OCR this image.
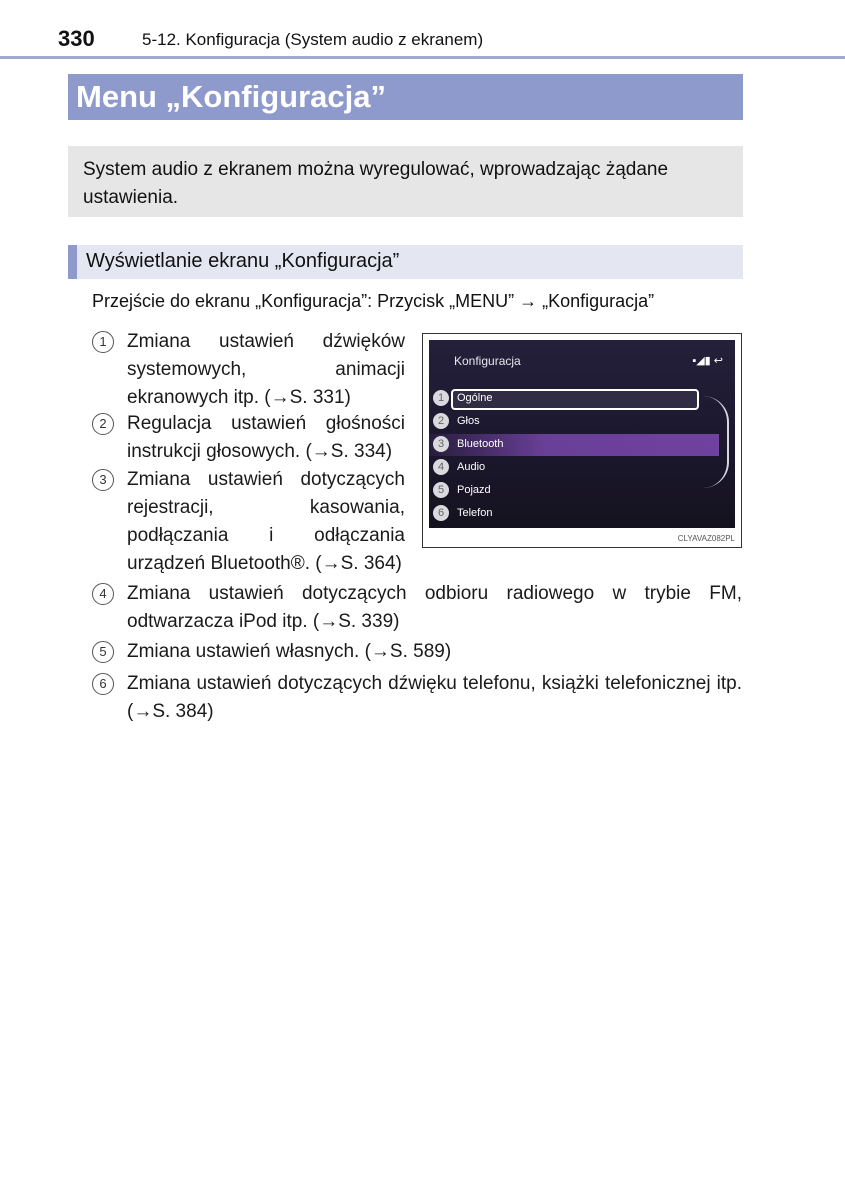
330	5-12. Konfiguracja (System audio z ekranem)
Menu „Konfiguracja”
System audio z ekranem można wyregulować, wprowadzając żądane ustawienia.
Wyświetlanie ekranu „Konfiguracja”
Przejście do ekranu „Konfiguracja”: Przycisk „MENU” → „Konfiguracja”
1	Zmiana ustawień dźwięków systemowych, animacji ekranowych itp. (→S. 331)
2	Regulacja ustawień głośności instrukcji głosowych. (→S. 334)
3	Zmiana ustawień dotyczących rejestracji, kasowania, podłączania i odłączania urządzeń Bluetooth®. (→S. 364)
4	Zmiana ustawień dotyczących odbioru radiowego w trybie FM, odtwarzacza iPod itp. (→S. 339)
5	Zmiana ustawień własnych. (→S. 589)
6	Zmiana ustawień dotyczących dźwięku telefonu, książki telefonicznej itp. (→S. 384)
Konfiguracja	▪◢▮ ↩
1	Ogólne
2	Głos
3	Bluetooth
4	Audio
5	Pojazd
6	Telefon
CLYAVAZ082PL
